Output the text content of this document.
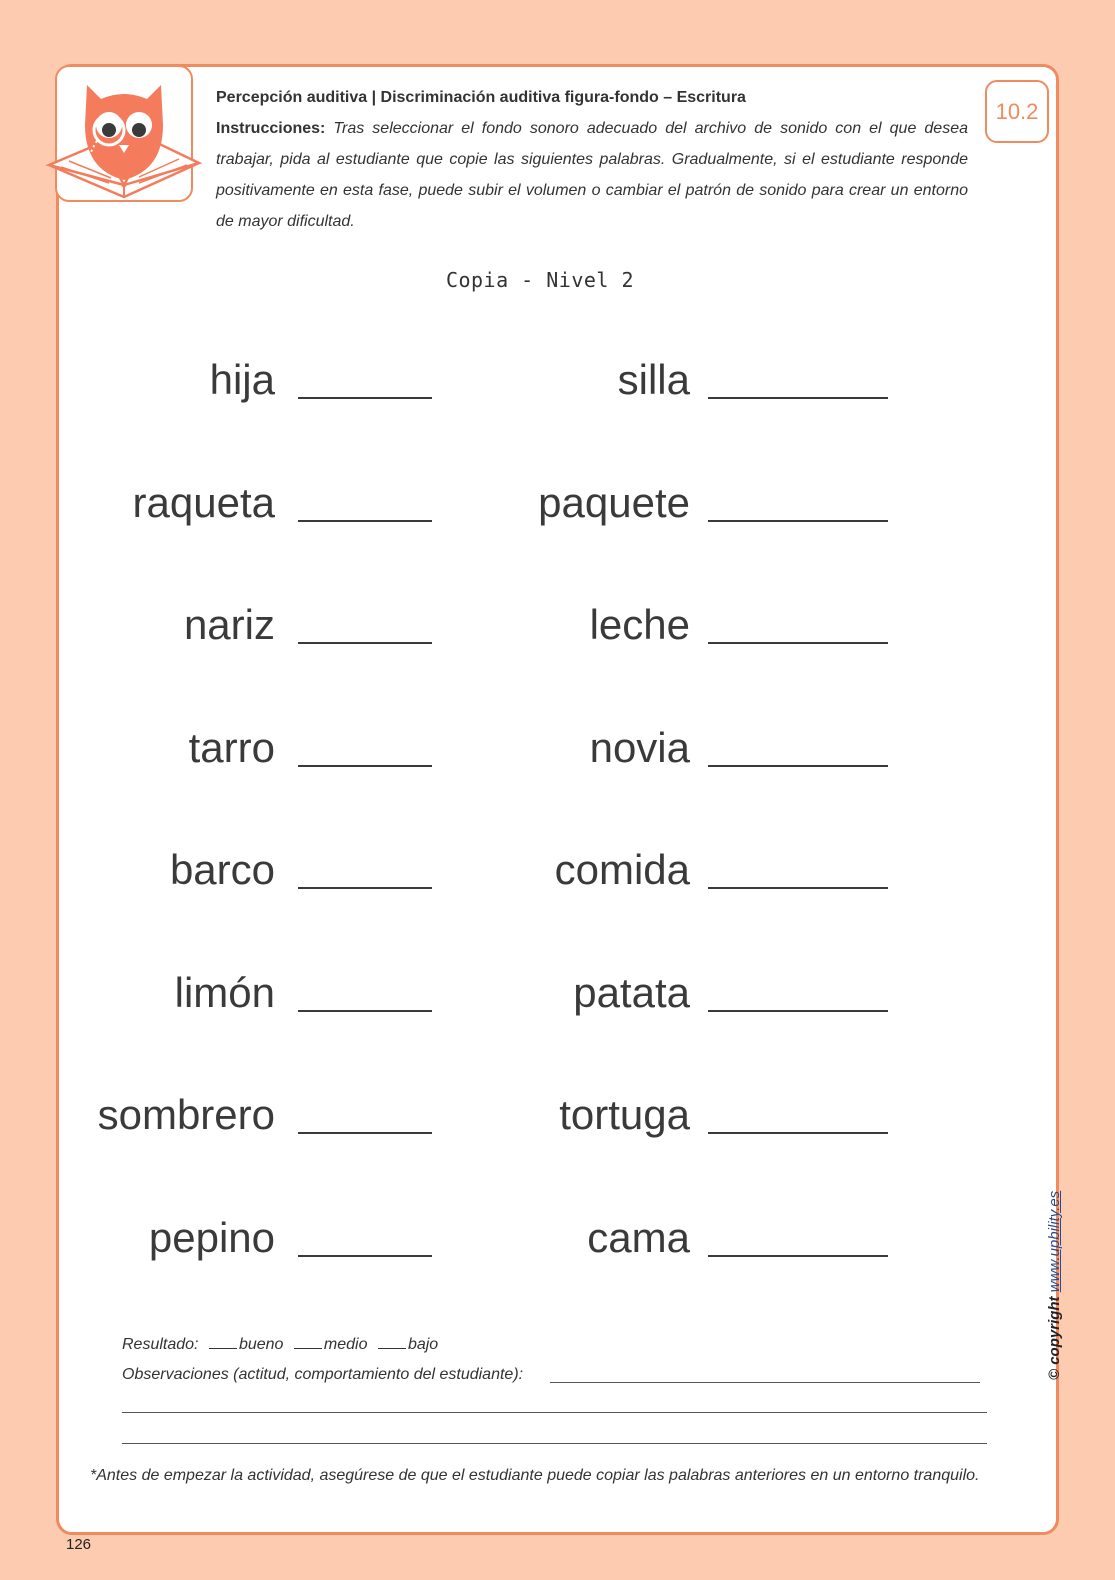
Percepción auditiva | Discriminación auditiva figura-fondo – Escritura
Instrucciones: Tras seleccionar el fondo sonoro adecuado del archivo de sonido con el que desea trabajar, pida al estudiante que copie las siguientes palabras. Gradualmente, si el estudiante responde positivamente en esta fase, puede subir el volumen o cambiar el patrón de sonido para crear un entorno de mayor dificultad.
10.2
Copia - Nivel 2
hija
raqueta
nariz
tarro
barco
limón
sombrero
pepino
silla
paquete
leche
novia
comida
patata
tortuga
cama
Resultado:	bueno	medio	bajo
Observaciones (actitud, comportamiento del estudiante):
*Antes de empezar la actividad, asegúrese de que el estudiante puede copiar las palabras anteriores en un entorno tranquilo.
126
© copyright www.upbility.es
